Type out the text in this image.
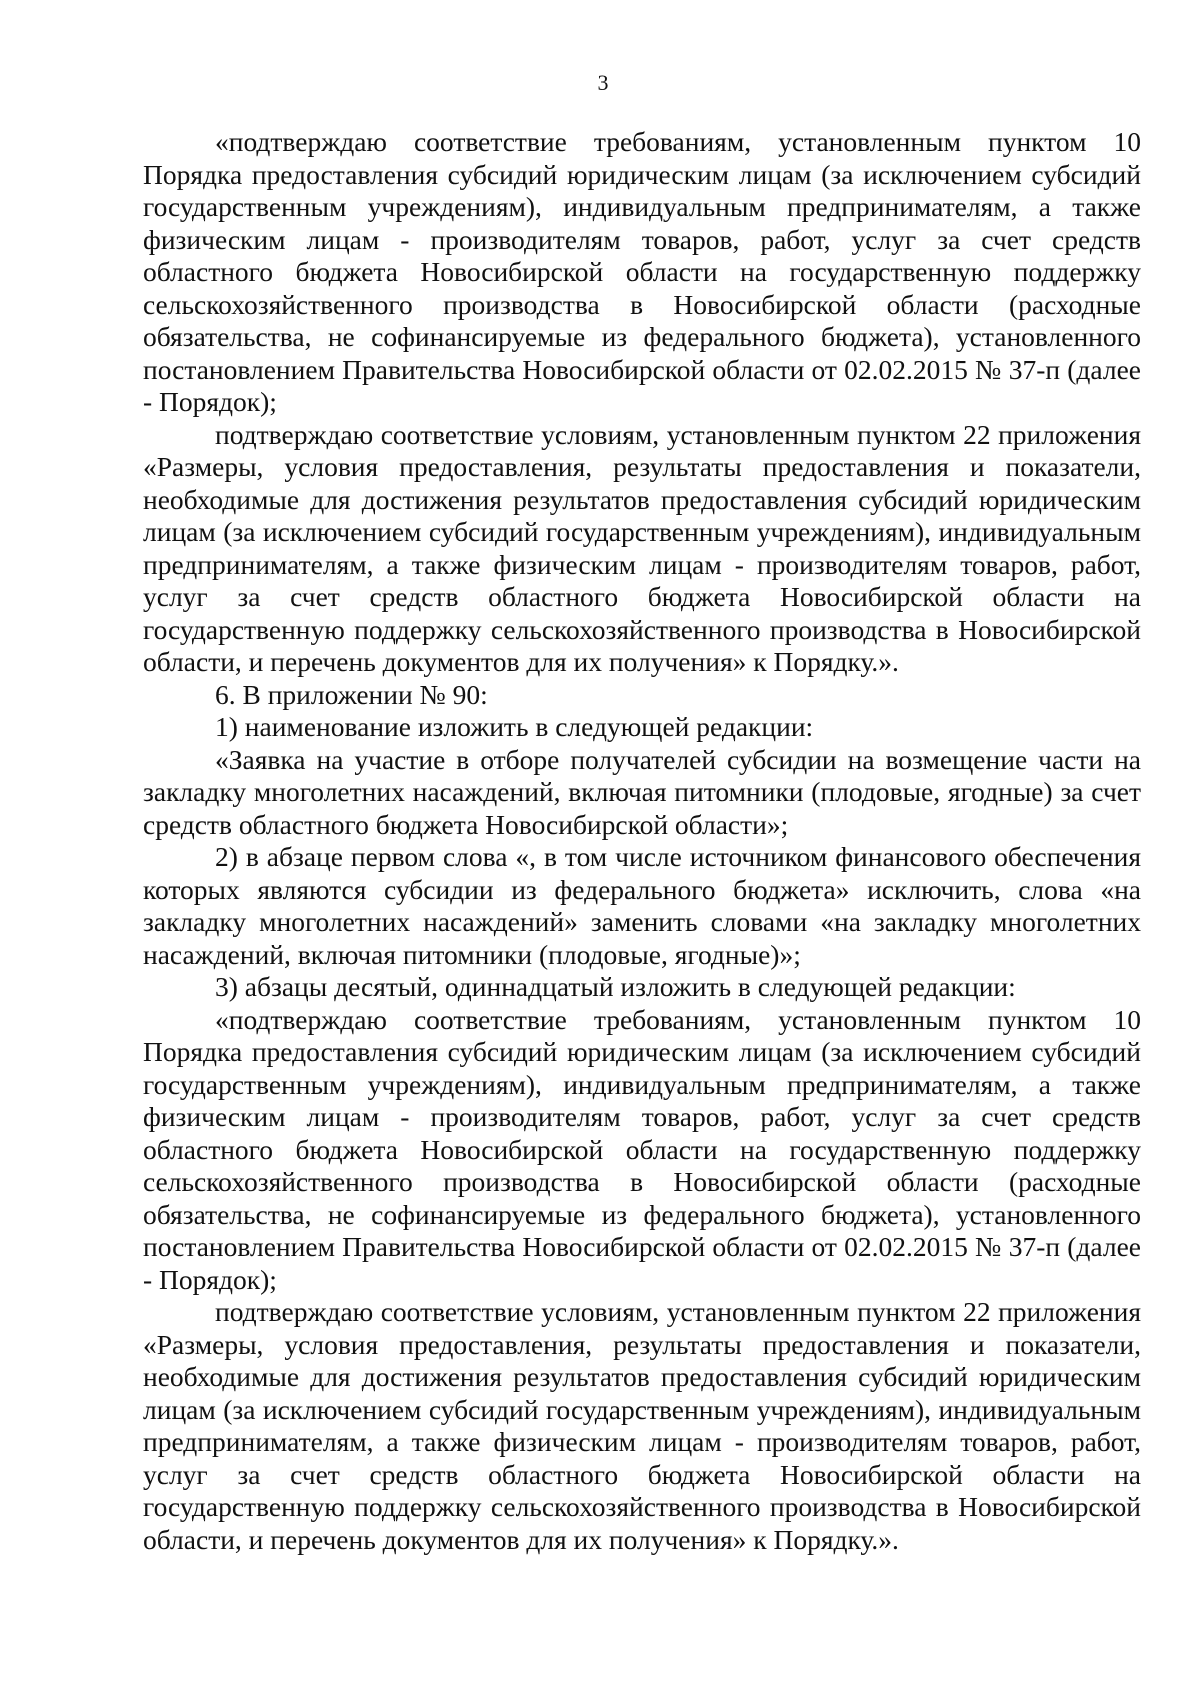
3

«подтверждаю соответствие требованиям, установленным пунктом 10 Порядка предоставления субсидий юридическим лицам (за исключением субсидий государственным учреждениям), индивидуальным предпринимателям, а также физическим лицам - производителям товаров, работ, услуг за счет средств областного бюджета Новосибирской области на государственную поддержку сельскохозяйственного производства в Новосибирской области (расходные обязательства, не софинансируемые из федерального бюджета), установленного постановлением Правительства Новосибирской области от 02.02.2015 № 37-п (далее - Порядок);

подтверждаю соответствие условиям, установленным пунктом 22 приложения «Размеры, условия предоставления, результаты предоставления и показатели, необходимые для достижения результатов предоставления субсидий юридическим лицам (за исключением субсидий государственным учреждениям), индивидуальным предпринимателям, а также физическим лицам - производителям товаров, работ, услуг за счет средств областного бюджета Новосибирской области на государственную поддержку сельскохозяйственного производства в Новосибирской области, и перечень документов для их получения» к Порядку.».

6. В приложении № 90:

1) наименование изложить в следующей редакции:

«Заявка на участие в отборе получателей субсидии на возмещение части на закладку многолетних насаждений, включая питомники (плодовые, ягодные) за счет средств областного бюджета Новосибирской области»;

2) в абзаце первом слова «, в том числе источником финансового обеспечения которых являются субсидии из федерального бюджета» исключить, слова «на закладку многолетних насаждений» заменить словами «на закладку многолетних насаждений, включая питомники (плодовые, ягодные)»;

3) абзацы десятый, одиннадцатый изложить в следующей редакции:

«подтверждаю соответствие требованиям, установленным пунктом 10 Порядка предоставления субсидий юридическим лицам (за исключением субсидий государственным учреждениям), индивидуальным предпринимателям, а также физическим лицам - производителям товаров, работ, услуг за счет средств областного бюджета Новосибирской области на государственную поддержку сельскохозяйственного производства в Новосибирской области (расходные обязательства, не софинансируемые из федерального бюджета), установленного постановлением Правительства Новосибирской области от 02.02.2015 № 37-п (далее - Порядок);

подтверждаю соответствие условиям, установленным пунктом 22 приложения «Размеры, условия предоставления, результаты предоставления и показатели, необходимые для достижения результатов предоставления субсидий юридическим лицам (за исключением субсидий государственным учреждениям), индивидуальным предпринимателям, а также физическим лицам - производителям товаров, работ, услуг за счет средств областного бюджета Новосибирской области на государственную поддержку сельскохозяйственного производства в Новосибирской области, и перечень документов для их получения» к Порядку.».
